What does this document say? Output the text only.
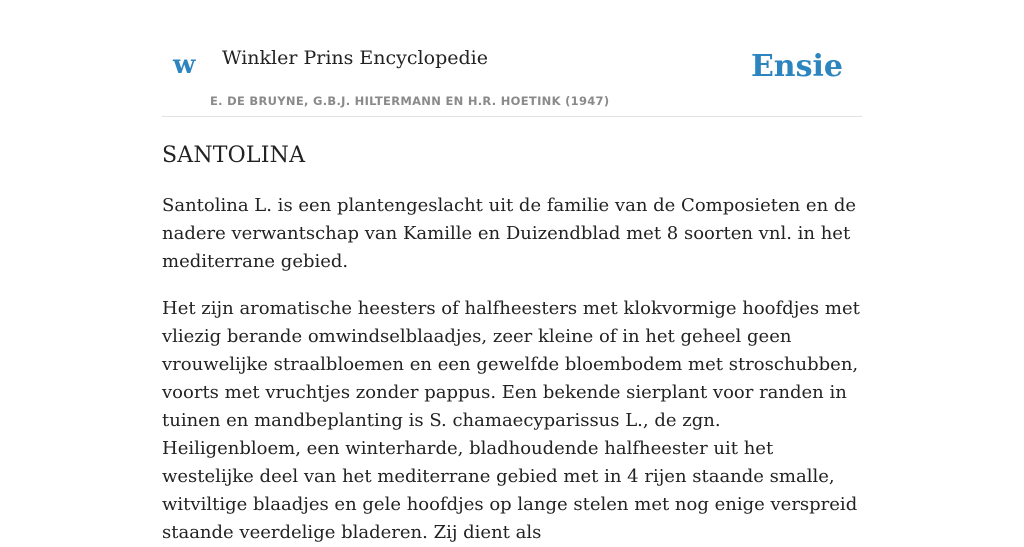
w Winkler Prins Encyclopedie
E. DE BRUYNE, G.B.J. HILTERMANN EN H.R. HOETINK (1947)
Ensie
SANTOLINA

Santolina L. is een plantengeslacht uit de familie van de Composieten en de nadere verwantschap van Kamille en Duizendblad met 8 soorten vnl. in het mediterrane gebied.

Het zijn aromatische heesters of halfheesters met klokvormige hoofdjes met vliezig berande omwindselblaadjes, zeer kleine of in het geheel geen vrouwelijke straalbloemen en een gewelfde bloembodem met stroschubben, voorts met vruchtjes zonder pappus. Een bekende sierplant voor randen in tuinen en mandbeplanting is S. chamaecyparissus L., de zgn. Heiligenbloem, een winterharde, bladhoudende halfheester uit het westelijke deel van het mediterrane gebied met in 4 rijen staande smalle, witviltige blaadjes en gele hoofdjes op lange stelen met nog enige verspreid staande veerdelige bladeren. Zij dient als
